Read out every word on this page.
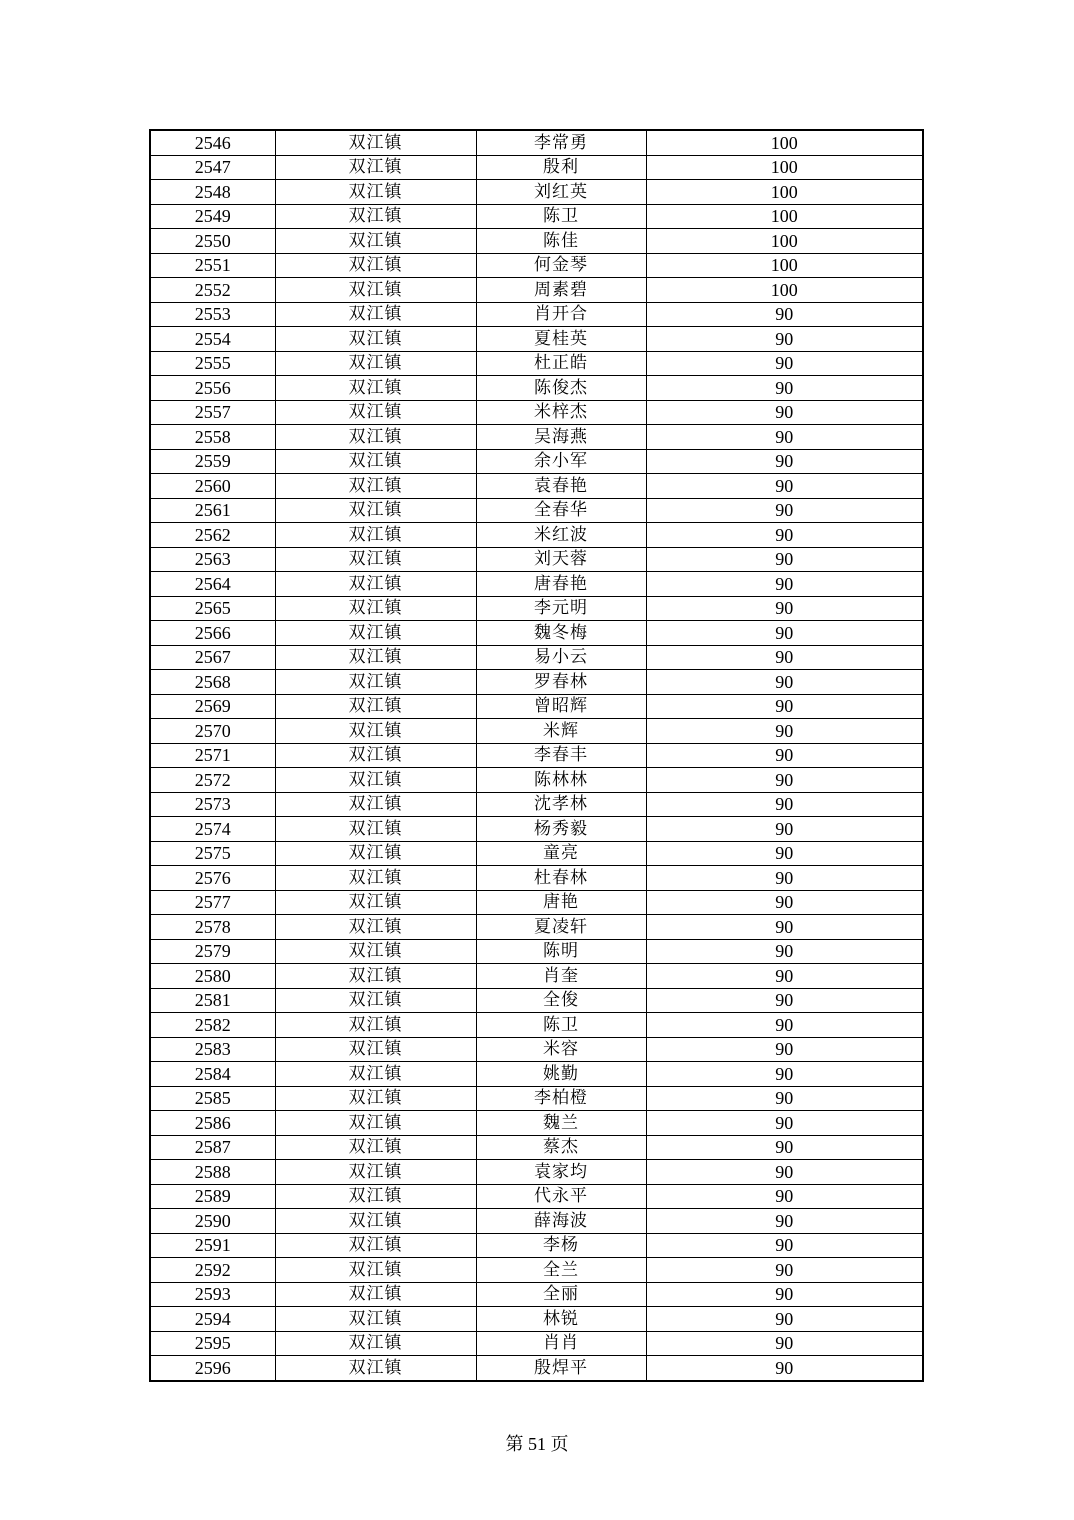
2546	双江镇	李常勇	100
2547	双江镇	殷利	100
2548	双江镇	刘红英	100
2549	双江镇	陈卫	100
2550	双江镇	陈佳	100
2551	双江镇	何金琴	100
2552	双江镇	周素碧	100
2553	双江镇	肖开合	90
2554	双江镇	夏桂英	90
2555	双江镇	杜正皓	90
2556	双江镇	陈俊杰	90
2557	双江镇	米梓杰	90
2558	双江镇	吴海燕	90
2559	双江镇	余小军	90
2560	双江镇	袁春艳	90
2561	双江镇	全春华	90
2562	双江镇	米红波	90
2563	双江镇	刘天蓉	90
2564	双江镇	唐春艳	90
2565	双江镇	李元明	90
2566	双江镇	魏冬梅	90
2567	双江镇	易小云	90
2568	双江镇	罗春林	90
2569	双江镇	曾昭辉	90
2570	双江镇	米辉	90
2571	双江镇	李春丰	90
2572	双江镇	陈林林	90
2573	双江镇	沈孝林	90
2574	双江镇	杨秀毅	90
2575	双江镇	童亮	90
2576	双江镇	杜春林	90
2577	双江镇	唐艳	90
2578	双江镇	夏凌轩	90
2579	双江镇	陈明	90
2580	双江镇	肖奎	90
2581	双江镇	全俊	90
2582	双江镇	陈卫	90
2583	双江镇	米容	90
2584	双江镇	姚勤	90
2585	双江镇	李柏橙	90
2586	双江镇	魏兰	90
2587	双江镇	蔡杰	90
2588	双江镇	袁家均	90
2589	双江镇	代永平	90
2590	双江镇	薛海波	90
2591	双江镇	李杨	90
2592	双江镇	全兰	90
2593	双江镇	全丽	90
2594	双江镇	林锐	90
2595	双江镇	肖肖	90
2596	双江镇	殷焊平	90
第 51 页
